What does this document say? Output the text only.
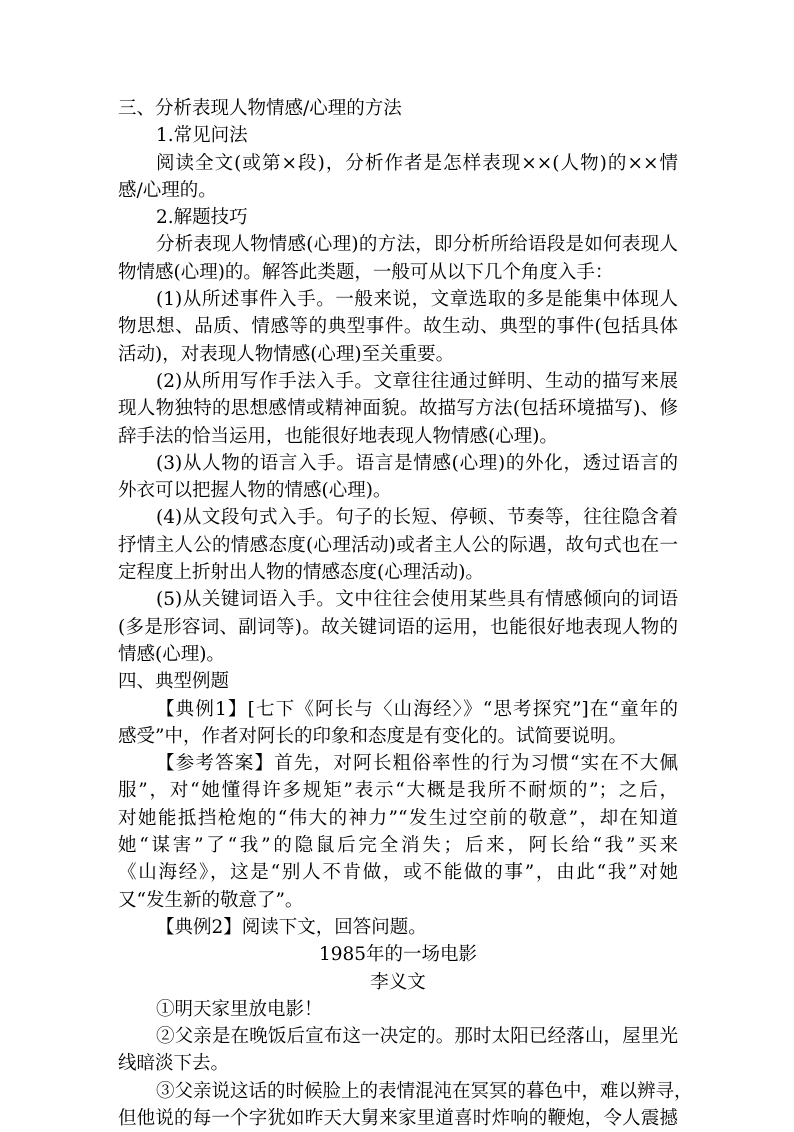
三、分析表现人物情感/心理的方法
1.常见问法
阅读全文(或第×段)，分析作者是怎样表现××(人物)的××情
感/心理的。
2.解题技巧
分析表现人物情感(心理)的方法，即分析所给语段是如何表现人
物情感(心理)的。解答此类题，一般可从以下几个角度入手：
(1)从所述事件入手。一般来说，文章选取的多是能集中体现人
物思想、品质、情感等的典型事件。故生动、典型的事件(包括具体
活动)，对表现人物情感(心理)至关重要。
(2)从所用写作手法入手。文章往往通过鲜明、生动的描写来展
现人物独特的思想感情或精神面貌。故描写方法(包括环境描写)、修
辞手法的恰当运用，也能很好地表现人物情感(心理)。
(3)从人物的语言入手。语言是情感(心理)的外化，透过语言的
外衣可以把握人物的情感(心理)。
(4)从文段句式入手。句子的长短、停顿、节奏等，往往隐含着
抒情主人公的情感态度(心理活动)或者主人公的际遇，故句式也在一
定程度上折射出人物的情感态度(心理活动)。
(5)从关键词语入手。文中往往会使用某些具有情感倾向的词语
(多是形容词、副词等)。故关键词语的运用，也能很好地表现人物的
情感(心理)。
四、典型例题
【典例1】[七下《阿长与〈山海经〉》“思考探究”]在“童年的
感受”中，作者对阿长的印象和态度是有变化的。试简要说明。
【参考答案】首先，对阿长粗俗率性的行为习惯“实在不大佩
服”，对“她懂得许多规矩”表示“大概是我所不耐烦的”；之后，
对她能抵挡枪炮的“伟大的神力”“发生过空前的敬意”，却在知道
她“谋害”了“我”的隐鼠后完全消失；后来，阿长给“我”买来
《山海经》，这是“别人不肯做，或不能做的事”，由此“我”对她
又“发生新的敬意了”。
【典例2】阅读下文，回答问题。
1985年的一场电影
李义文
①明天家里放电影！
②父亲是在晚饭后宣布这一决定的。那时太阳已经落山，屋里光
线暗淡下去。
③父亲说这话的时候脸上的表情混沌在冥冥的暮色中，难以辨寻，
但他说的每一个字犹如昨天大舅来家里道喜时炸响的鞭炮，令人震撼
